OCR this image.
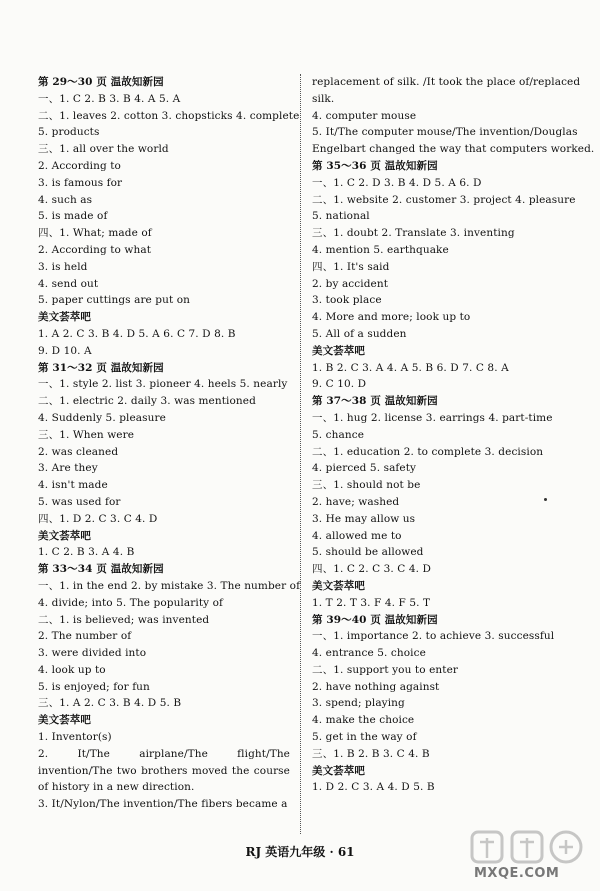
第 29～30 页 温故知新园
一、1. C 2. B 3. B 4. A 5. A
二、1. leaves 2. cotton 3. chopsticks 4. complete
5. products
三、1. all over the world
2. According to
3. is famous for
4. such as
5. is made of
四、1. What; made of
2. According to what
3. is held
4. send out
5. paper cuttings are put on
美文荟萃吧
1. A 2. C 3. B 4. D 5. A 6. C 7. D 8. B
9. D 10. A
第 31～32 页 温故知新园
一、1. style 2. list 3. pioneer 4. heels 5. nearly
二、1. electric 2. daily 3. was mentioned
4. Suddenly 5. pleasure
三、1. When were
2. was cleaned
3. Are they
4. isn't made
5. was used for
四、1. D 2. C 3. C 4. D
美文荟萃吧
1. C 2. B 3. A 4. B
第 33～34 页 温故知新园
一、1. in the end 2. by mistake 3. The number of
4. divide; into 5. The popularity of
二、1. is believed; was invented
2. The number of
3. were divided into
4. look up to
5. is enjoyed; for fun
三、1. A 2. C 3. B 4. D 5. B
美文荟萃吧
1. Inventor(s)
2. It/The airplane/The flight/The invention/The two brothers moved the course of history in a new direction.
3. It/Nylon/The invention/The fibers became a
replacement of silk. /It took the place of/replaced
silk.
4. computer mouse
5. It/The computer mouse/The invention/Douglas
Engelbart changed the way that computers worked.
第 35～36 页 温故知新园
一、1. C 2. D 3. B 4. D 5. A 6. D
二、1. website 2. customer 3. project 4. pleasure
5. national
三、1. doubt 2. Translate 3. inventing
4. mention 5. earthquake
四、1. It's said
2. by accident
3. took place
4. More and more; look up to
5. All of a sudden
美文荟萃吧
1. B 2. C 3. A 4. A 5. B 6. D 7. C 8. A
9. C 10. D
第 37～38 页 温故知新园
一、1. hug 2. license 3. earrings 4. part-time
5. chance
二、1. education 2. to complete 3. decision
4. pierced 5. safety
三、1. should not be
2. have; washed
3. He may allow us
4. allowed me to
5. should be allowed
四、1. C 2. C 3. C 4. D
美文荟萃吧
1. T 2. T 3. F 4. F 5. T
第 39～40 页 温故知新园
一、1. importance 2. to achieve 3. successful
4. entrance 5. choice
二、1. support you to enter
2. have nothing against
3. spend; playing
4. make the choice
5. get in the way of
三、1. B 2. B 3. C 4. B
美文荟萃吧
1. D 2. C 3. A 4. D 5. B
RJ 英语九年级 · 61
MXQE.COM
